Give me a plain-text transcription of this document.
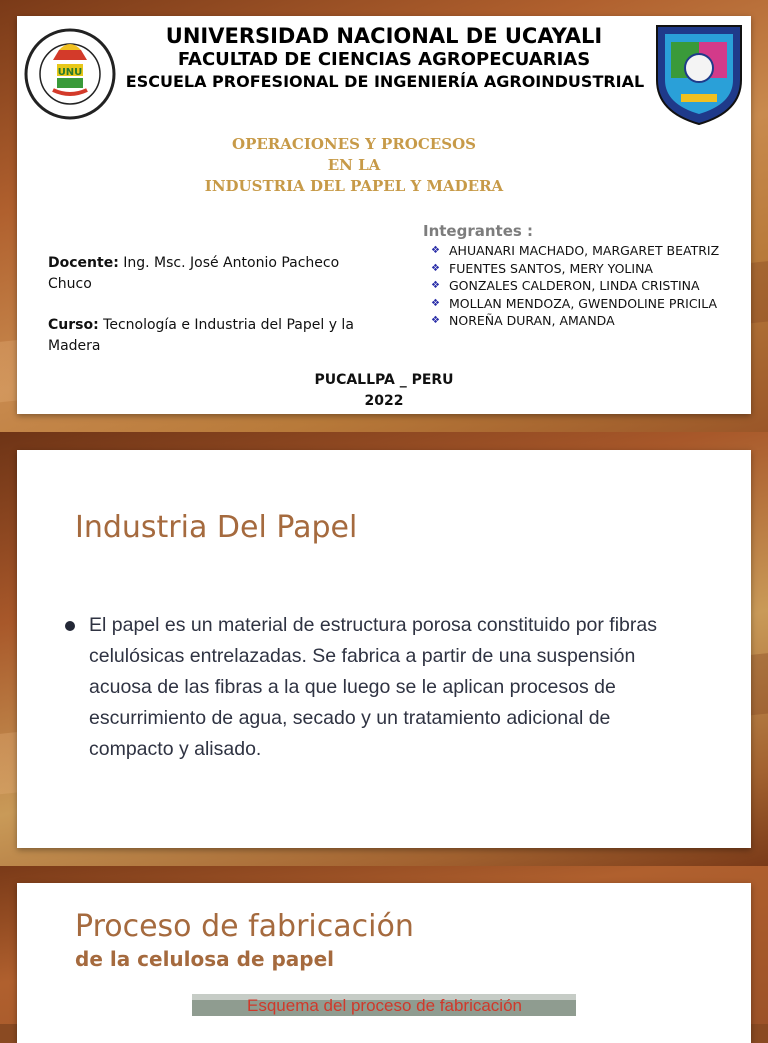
UNU
UNIVERSIDAD NACIONAL DE UCAYALI
FACULTAD DE CIENCIAS AGROPECUARIAS
ESCUELA PROFESIONAL DE INGENIERÍA AGROINDUSTRIAL
OPERACIONES Y PROCESOS
EN LA
INDUSTRIA DEL PAPEL Y MADERA
Docente: Ing. Msc. José Antonio Pacheco Chuco
Curso: Tecnología e Industria del Papel y la Madera
Integrantes :
❖ AHUANARI MACHADO, MARGARET BEATRIZ
❖ FUENTES SANTOS, MERY YOLINA
❖ GONZALES CALDERON, LINDA CRISTINA
❖ MOLLAN MENDOZA, GWENDOLINE PRICILA
❖ NOREÑA DURAN, AMANDA
PUCALLPA _ PERU
2022
Industria Del Papel
El papel es un material de estructura porosa constituido por fibras celulósicas entrelazadas. Se fabrica a partir de una suspensión acuosa de las fibras a la que luego se le aplican procesos de escurrimiento de agua, secado y un tratamiento adicional de compacto y alisado.
Proceso de fabricación
de la celulosa de papel
Esquema del proceso de fabricación
